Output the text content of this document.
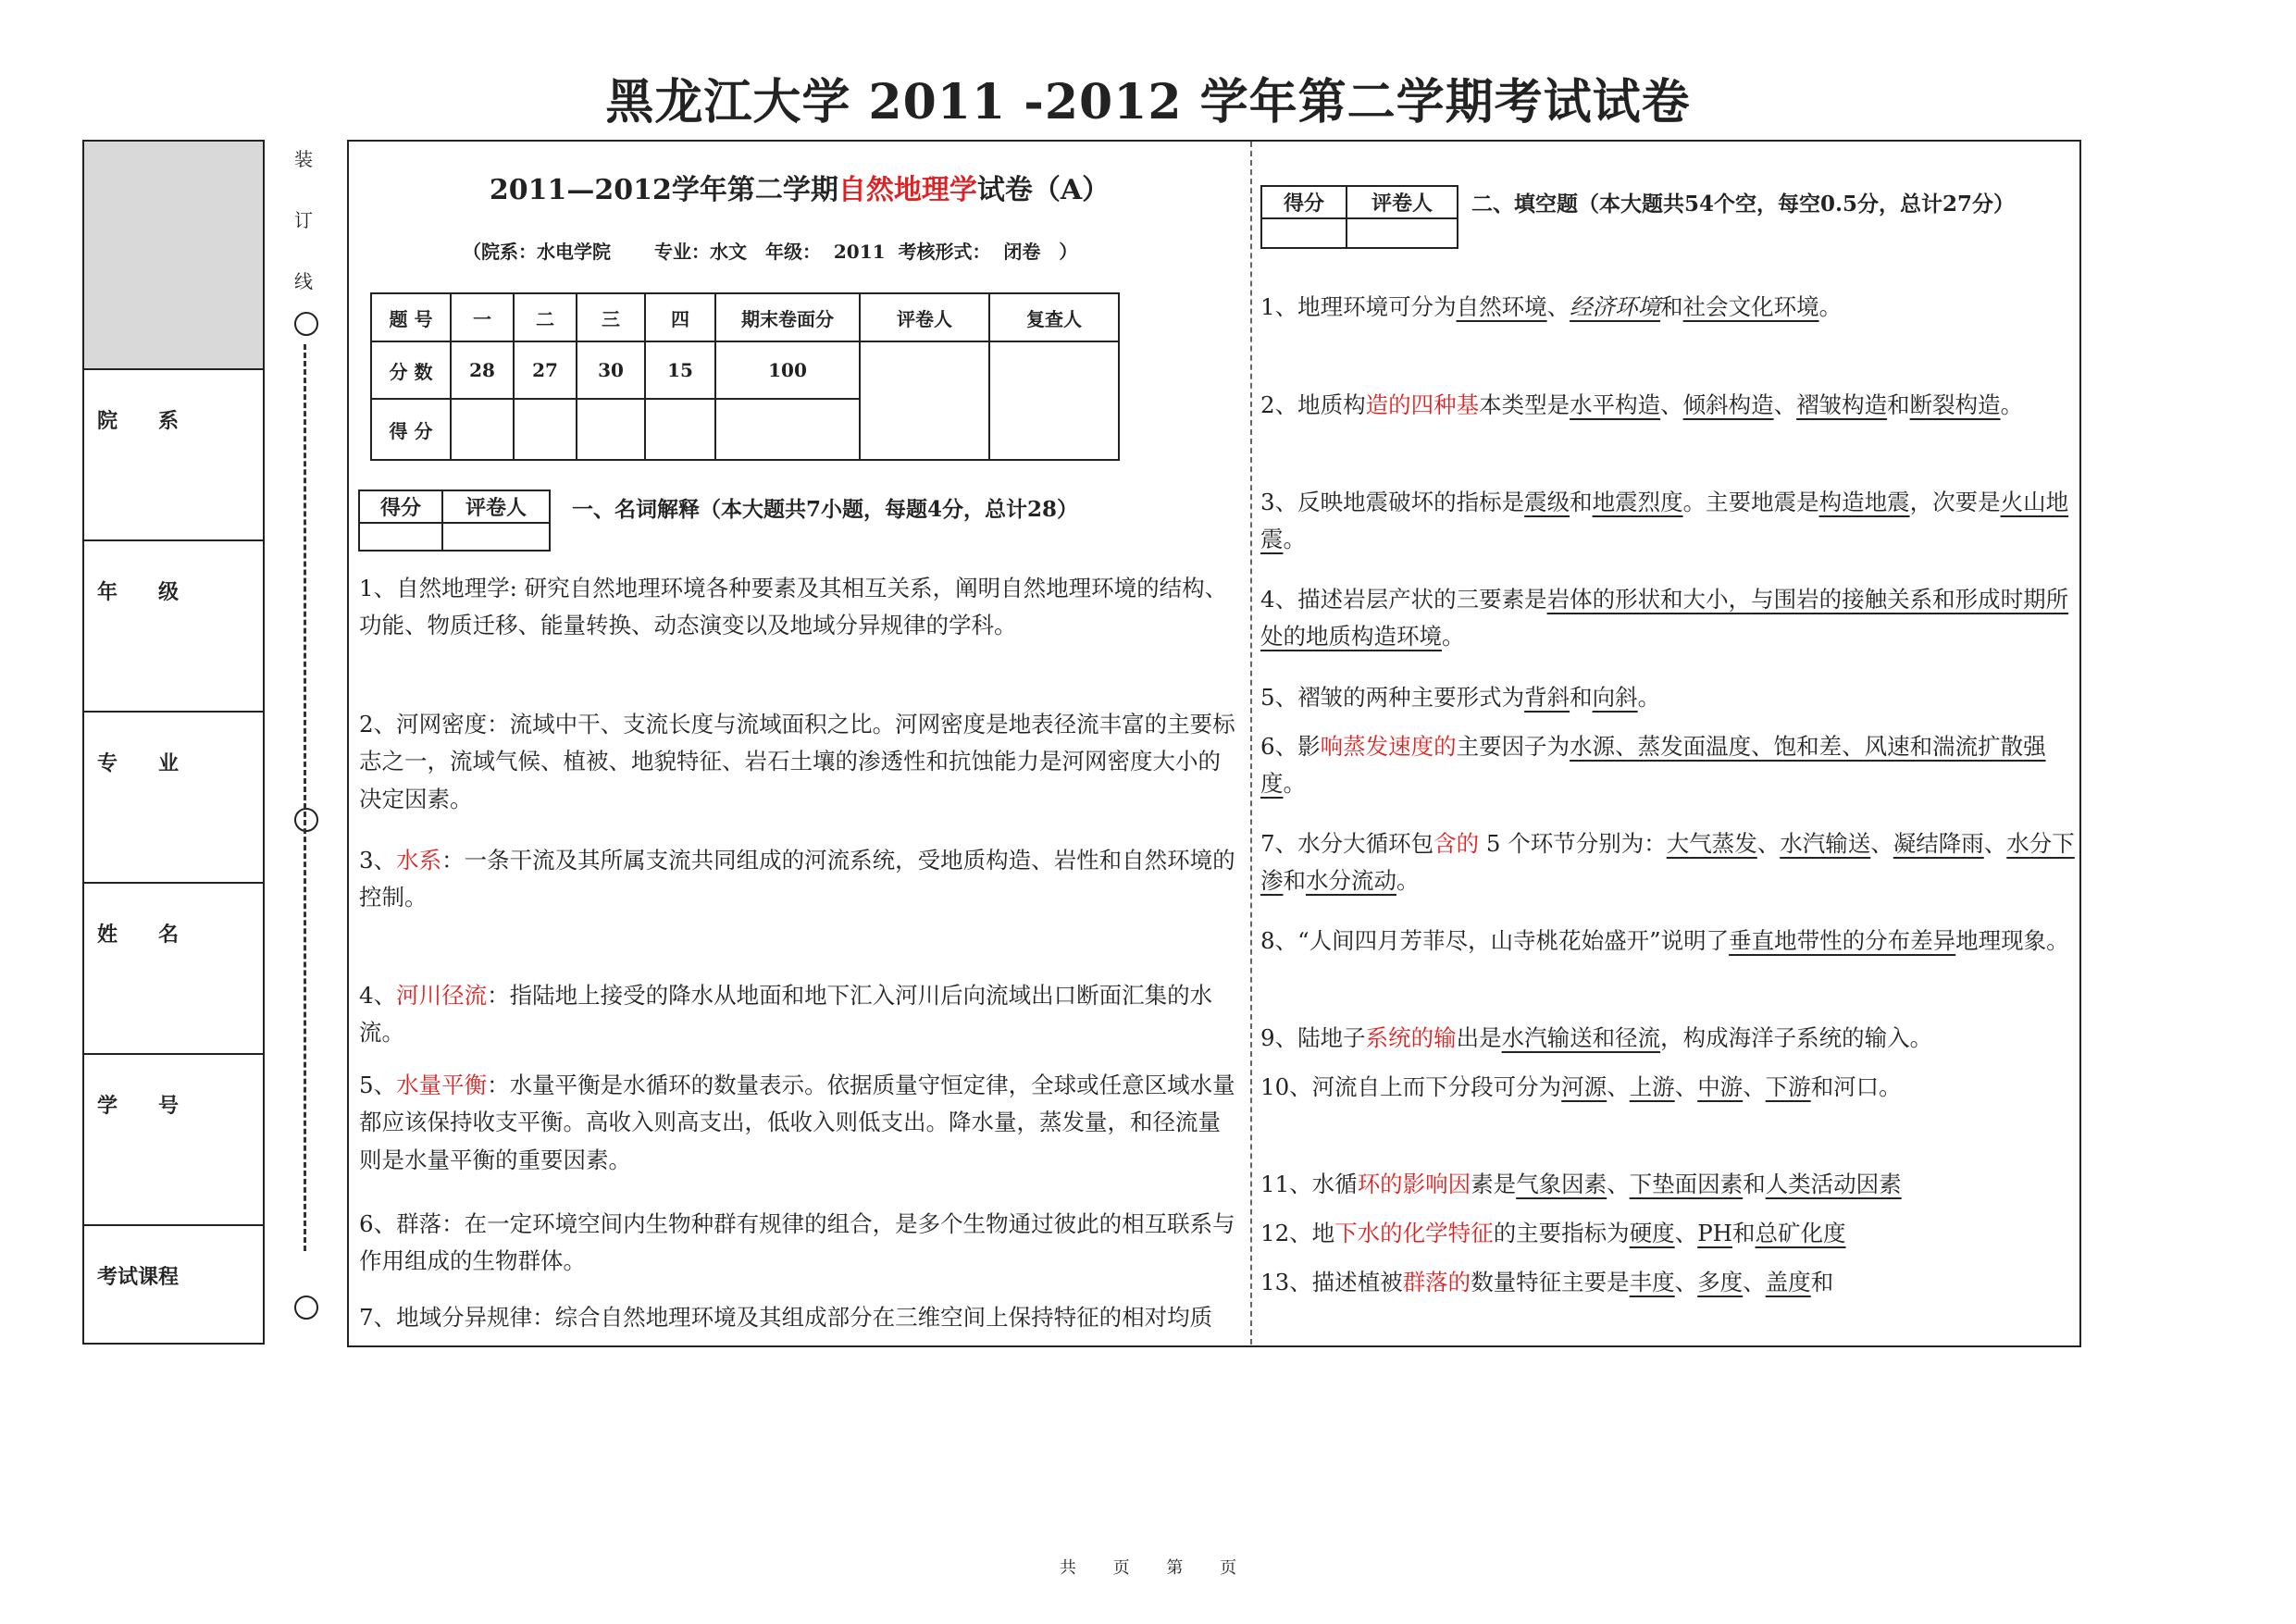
黑龙江大学 2011 -2012 学年第二学期考试试卷
院　　系
年　　级
专　　业
姓　　名
学　　号
考试课程
装
订
线
2011—2012学年第二学期自然地理学试卷（A）
（院系：水电学院　　 专业：水文　年级：  2011  考核形式：  闭卷　）
题 号	一	二	三	四	期末卷面分	评卷人	复查人
分 数	28	27	30	15	100		
得 分							
得分	评卷人
	一、名词解释（本大题共7小题，每题4分，总计28）
1、自然地理学: 研究自然地理环境各种要素及其相互关系，阐明自然地理环境的结构、功能、物质迁移、能量转换、动态演变以及地域分异规律的学科。
2、河网密度：流域中干、支流长度与流域面积之比。河网密度是地表径流丰富的主要标志之一，流域气候、植被、地貌特征、岩石土壤的渗透性和抗蚀能力是河网密度大小的决定因素。
3、水系：一条干流及其所属支流共同组成的河流系统，受地质构造、岩性和自然环境的控制。
4、河川径流：指陆地上接受的降水从地面和地下汇入河川后向流域出口断面汇集的水流。
5、水量平衡：水量平衡是水循环的数量表示。依据质量守恒定律，全球或任意区域水量都应该保持收支平衡。高收入则高支出，低收入则低支出。降水量，蒸发量，和径流量则是水量平衡的重要因素。
6、群落：在一定环境空间内生物种群有规律的组合，是多个生物通过彼此的相互联系与作用组成的生物群体。
7、地域分异规律：综合自然地理环境及其组成部分在三维空间上保持特征的相对均质
得分	评卷人
	二、填空题（本大题共54个空，每空0.5分，总计27分）
1、地理环境可分为自然环境、经济环境和社会文化环境。
2、地质构造的四种基本类型是水平构造、倾斜构造、褶皱构造和断裂构造。
3、反映地震破坏的指标是震级和地震烈度。主要地震是构造地震，次要是火山地震。
4、描述岩层产状的三要素是岩体的形状和大小，与围岩的接触关系和形成时期所处的地质构造环境。
5、褶皱的两种主要形式为背斜和向斜。
6、影响蒸发速度的主要因子为水源、蒸发面温度、饱和差、风速和湍流扩散强度。
7、水分大循环包含的 5 个环节分别为：大气蒸发、水汽输送、凝结降雨、水分下渗和水分流动。
8、“人间四月芳菲尽，山寺桃花始盛开”说明了垂直地带性的分布差异地理现象。
9、陆地子系统的输出是水汽输送和径流，构成海洋子系统的输入。
10、河流自上而下分段可分为河源、上游、中游、下游和河口。
11、水循环的影响因素是气象因素、下垫面因素和人类活动因素
12、地下水的化学特征的主要指标为硬度、PH和总矿化度
13、描述植被群落的数量特征主要是丰度、多度、盖度和
共 页 第 页
